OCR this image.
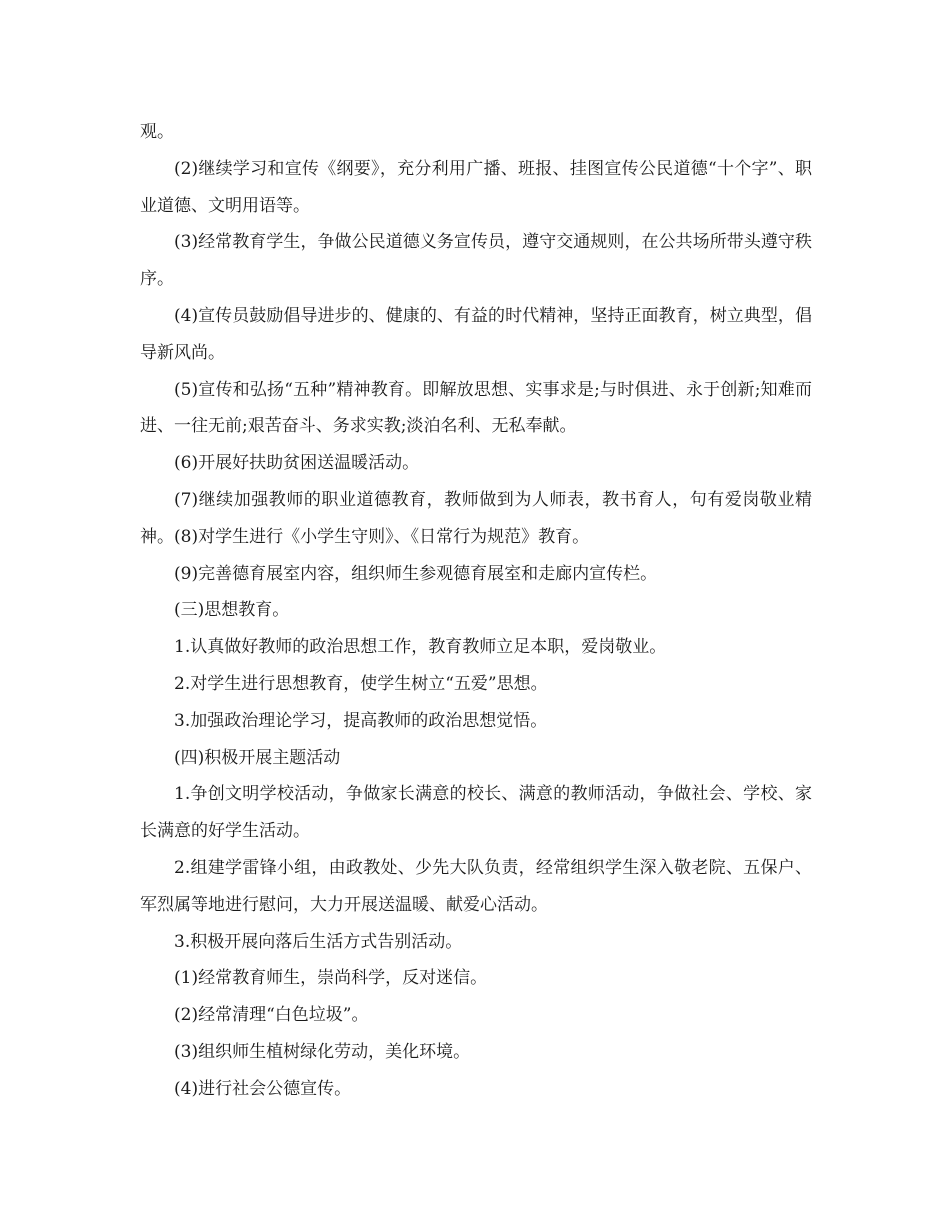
观。

(2)继续学习和宣传《纲要》，充分利用广播、班报、挂图宣传公民道德“十个字”、职业道德、文明用语等。

(3)经常教育学生，争做公民道德义务宣传员，遵守交通规则，在公共场所带头遵守秩序。

(4)宣传员鼓励倡导进步的、健康的、有益的时代精神，坚持正面教育，树立典型，倡导新风尚。

(5)宣传和弘扬“五种”精神教育。即解放思想、实事求是;与时俱进、永于创新;知难而进、一往无前;艰苦奋斗、务求实教;淡泊名利、无私奉献。

(6)开展好扶助贫困送温暖活动。

(7)继续加强教师的职业道德教育，教师做到为人师表，教书育人，句有爱岗敬业精神。(8)对学生进行《小学生守则》、《日常行为规范》教育。

(9)完善德育展室内容，组织师生参观德育展室和走廊内宣传栏。

(三)思想教育。

1.认真做好教师的政治思想工作，教育教师立足本职，爱岗敬业。

2.对学生进行思想教育，使学生树立“五爱”思想。

3.加强政治理论学习，提高教师的政治思想觉悟。

(四)积极开展主题活动

1.争创文明学校活动，争做家长满意的校长、满意的教师活动，争做社会、学校、家长满意的好学生活动。

2.组建学雷锋小组，由政教处、少先大队负责，经常组织学生深入敬老院、五保户、军烈属等地进行慰问，大力开展送温暖、献爱心活动。

3.积极开展向落后生活方式告别活动。

(1)经常教育师生，崇尚科学，反对迷信。

(2)经常清理“白色垃圾”。

(3)组织师生植树绿化劳动，美化环境。

(4)进行社会公德宣传。
